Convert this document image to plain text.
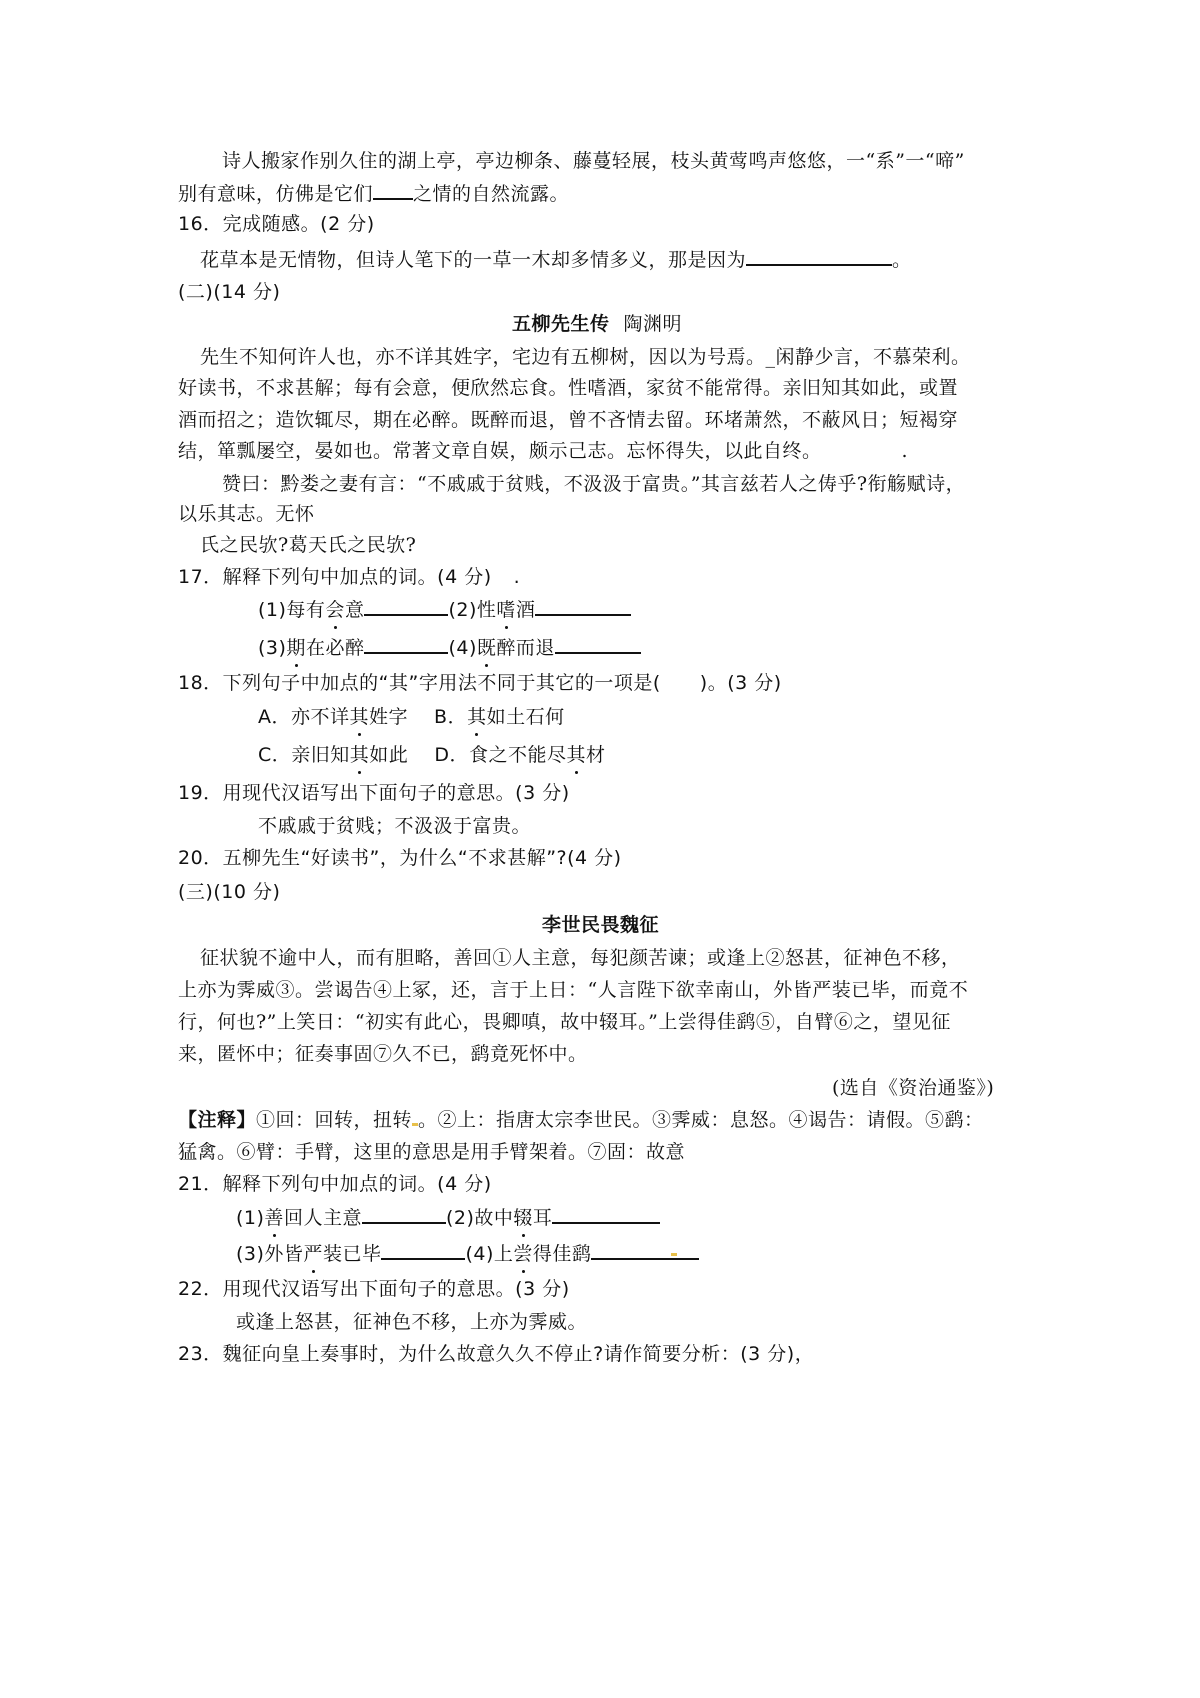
诗人搬家作别久住的湖上亭，亭边柳条、藤蔓轻展，枝头黄莺鸣声悠悠，一“系”一“啼”
别有意味，仿佛是它们 之情的自然流露。
16．完成随感。(2 分)
花草本是无情物，但诗人笔下的一草一木却多情多义，那是因为	。
(二)(14 分)
五柳先生传 陶渊明
先生不知何许人也，亦不详其姓字，宅边有五柳树，因以为号焉。_闲静少言，不慕荣利。
好读书，不求甚解；每有会意，便欣然忘食。性嗜酒，家贫不能常得。亲旧知其如此，或置
酒而招之；造饮辄尽，期在必醉。既醉而退，曾不吝情去留。环堵萧然，不蔽风日；短褐穿
结，箪瓢屡空，晏如也。常著文章自娱，颇示己志。忘怀得失，以此自终。	.
赞曰：黔娄之妻有言：“不戚戚于贫贱，不汲汲于富贵。”其言兹若人之俦乎?衔觞赋诗，
以乐其志。无怀
氏之民欤?葛天氏之民欤?
17．解释下列句中加点的词。(4 分) .
(1)每有会意	(2)性嗜酒
(3)期在必醉	(4)既醉而退
18．下列句子中加点的“其”字用法不同于其它的一项是(  )。(3 分)
A．亦不详其姓字 B．其如土石何
C．亲旧知其如此 D．食之不能尽其材
19．用现代汉语写出下面句子的意思。(3 分)
不戚戚于贫贱；不汲汲于富贵。
20．五柳先生“好读书”，为什么“不求甚解”?(4 分)
(三)(10 分)
李世民畏魏征
征状貌不逾中人，而有胆略，善回①人主意，每犯颜苦谏；或逢上②怒甚，征神色不移，
上亦为霁威③。尝谒告④上冢，还，言于上日：“人言陛下欲幸南山，外皆严装已毕，而竟不
行，何也?”上笑日：“初实有此心，畏卿嗔，故中辍耳。”上尝得佳鹞⑤，自臂⑥之，望见征
来，匿怀中；征奏事固⑦久不已，鹞竟死怀中。
(选自《资治通鉴》)
【注释】①回：回转，扭转 。②上：指唐太宗李世民。③霁威：息怒。④谒告：请假。⑤鹞：
猛禽。⑥臂：手臂，这里的意思是用手臂架着。⑦固：故意
21．解释下列句中加点的词。(4 分)
(1)善回人主意	(2)故中辍耳
(3)外皆严装已毕	(4)上尝得佳鹞
22．用现代汉语写出下面句子的意思。(3 分)
或逢上怒甚，征神色不移，上亦为霁威。
23．魏征向皇上奏事时，为什么故意久久不停止?请作简要分析：(3 分)，
